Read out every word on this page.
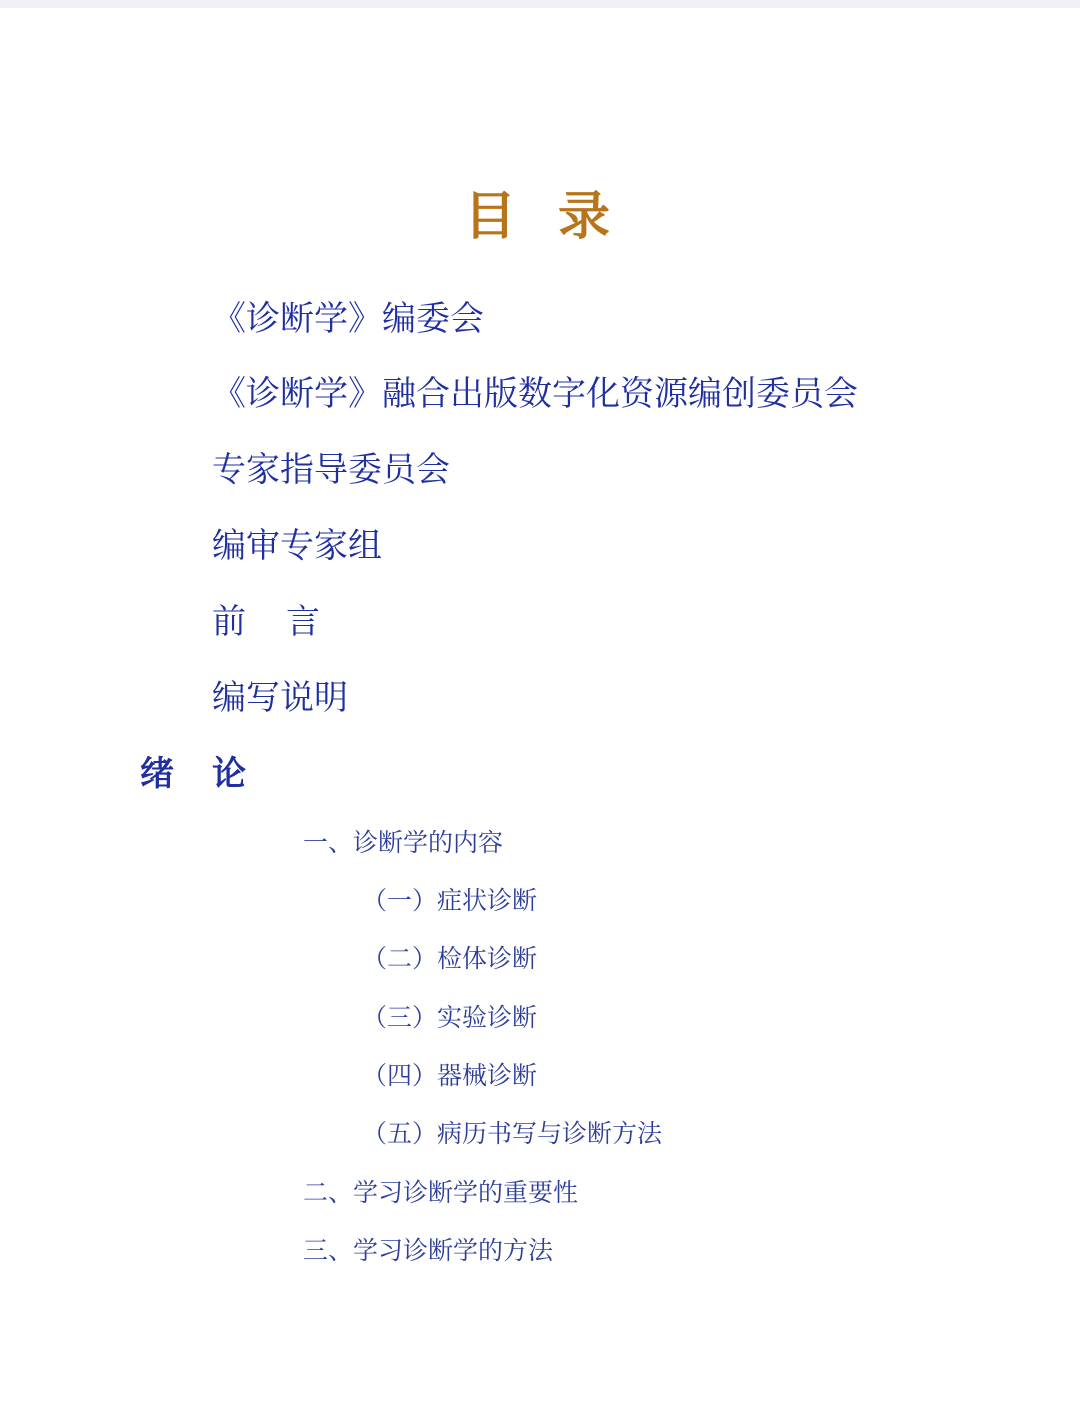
目录
《诊断学》编委会
《诊断学》融合出版数字化资源编创委员会
专家指导委员会
编审专家组
前言
编写说明
绪论
一、诊断学的内容
（一）症状诊断
（二）检体诊断
（三）实验诊断
（四）器械诊断
（五）病历书写与诊断方法
二、学习诊断学的重要性
三、学习诊断学的方法
